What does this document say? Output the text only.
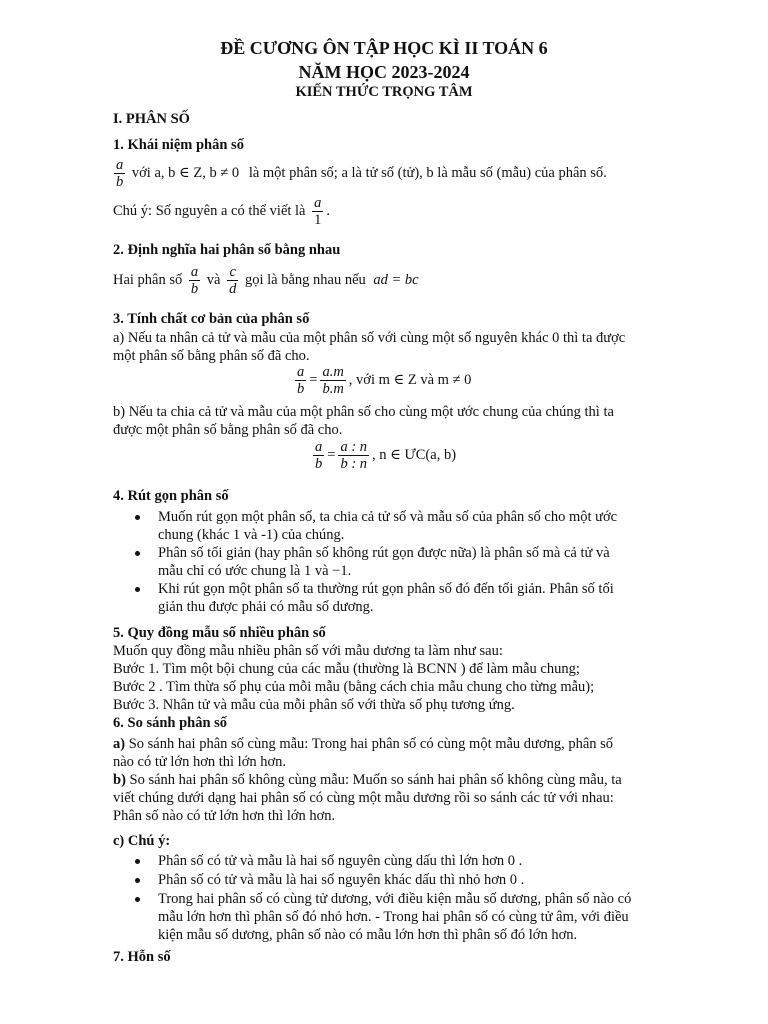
ĐỀ CƯƠNG ÔN TẬP HỌC KÌ II TOÁN 6
NĂM HỌC 2023-2024
KIẾN THỨC TRỌNG TÂM
I. PHÂN SỐ
1. Khái niệm phân số
$\frac{a}{b}$ với a, b ∈ Z, b ≠ 0 là một phân số; a là tử số (tử), b là mẫu số (mẫu) của phân số.
Chú ý: Số nguyên a có thể viết là $\frac{a}{1}$ .
2. Định nghĩa hai phân số bằng nhau
Hai phân số $\frac{a}{b}$ và $\frac{c}{d}$ gọi là bằng nhau nếu ad = bc
3. Tính chất cơ bản của phân số
a) Nếu ta nhân cả tử và mẫu của một phân số với cùng một số nguyên khác 0 thì ta được
một phân số bằng phân số đã cho.
$\frac{a}{b} = \frac{a.m}{b.m}$ , với m ∈ Z và m ≠ 0
b) Nếu ta chia cả tử và mẫu của một phân số cho cùng một ước chung của chúng thì ta
được một phân số bằng phân số đã cho.
$\frac{a}{b} = \frac{a : n}{b : n}$ , n ∈ ƯC(a, b)
4. Rút gọn phân số
Muốn rút gọn một phân số, ta chia cả tử số và mẫu số của phân số cho một ước
chung (khác 1 và -1) của chúng.
Phân số tối giản (hay phân số không rút gọn được nữa) là phân số mà cả tử và
mẫu chỉ có ước chung là 1 và −1.
Khi rút gọn một phân số ta thường rút gọn phân số đó đến tối giản. Phân số tối
giản thu được phải có mẫu số dương.
5. Quy đồng mẫu số nhiều phân số
Muốn quy đồng mẫu nhiều phân số với mẫu dương ta làm như sau:
Bước 1. Tìm một bội chung của các mẫu (thường là BCNN ) để làm mẫu chung;
Bước 2 . Tìm thừa số phụ của mỗi mẫu (bằng cách chia mẫu chung cho từng mẫu);
Bước 3. Nhân tử và mẫu của mỗi phân số với thừa số phụ tương ứng.
6. So sánh phân số
a) So sánh hai phân số cùng mẫu: Trong hai phân số có cùng một mẫu dương, phân số
nào có tử lớn hơn thì lớn hơn.
b) So sánh hai phân số không cùng mẫu: Muốn so sánh hai phân số không cùng mẫu, ta
viết chúng dưới dạng hai phân số có cùng một mẫu dương rồi so sánh các tử với nhau:
Phân số nào có tử lớn hơn thì lớn hơn.
c) Chú ý:
Phân số có tử và mẫu là hai số nguyên cùng dấu thì lớn hơn 0 .
Phân số có tử và mẫu là hai số nguyên khác dấu thì nhỏ hơn 0 .
Trong hai phân số có cùng tử dương, với điều kiện mẫu số dương, phân số nào có
mẫu lớn hơn thì phân số đó nhỏ hơn. - Trong hai phân số có cùng tử âm, với điều
kiện mẫu số dương, phân số nào có mẫu lớn hơn thì phân số đó lớn hơn.
7. Hỗn số
